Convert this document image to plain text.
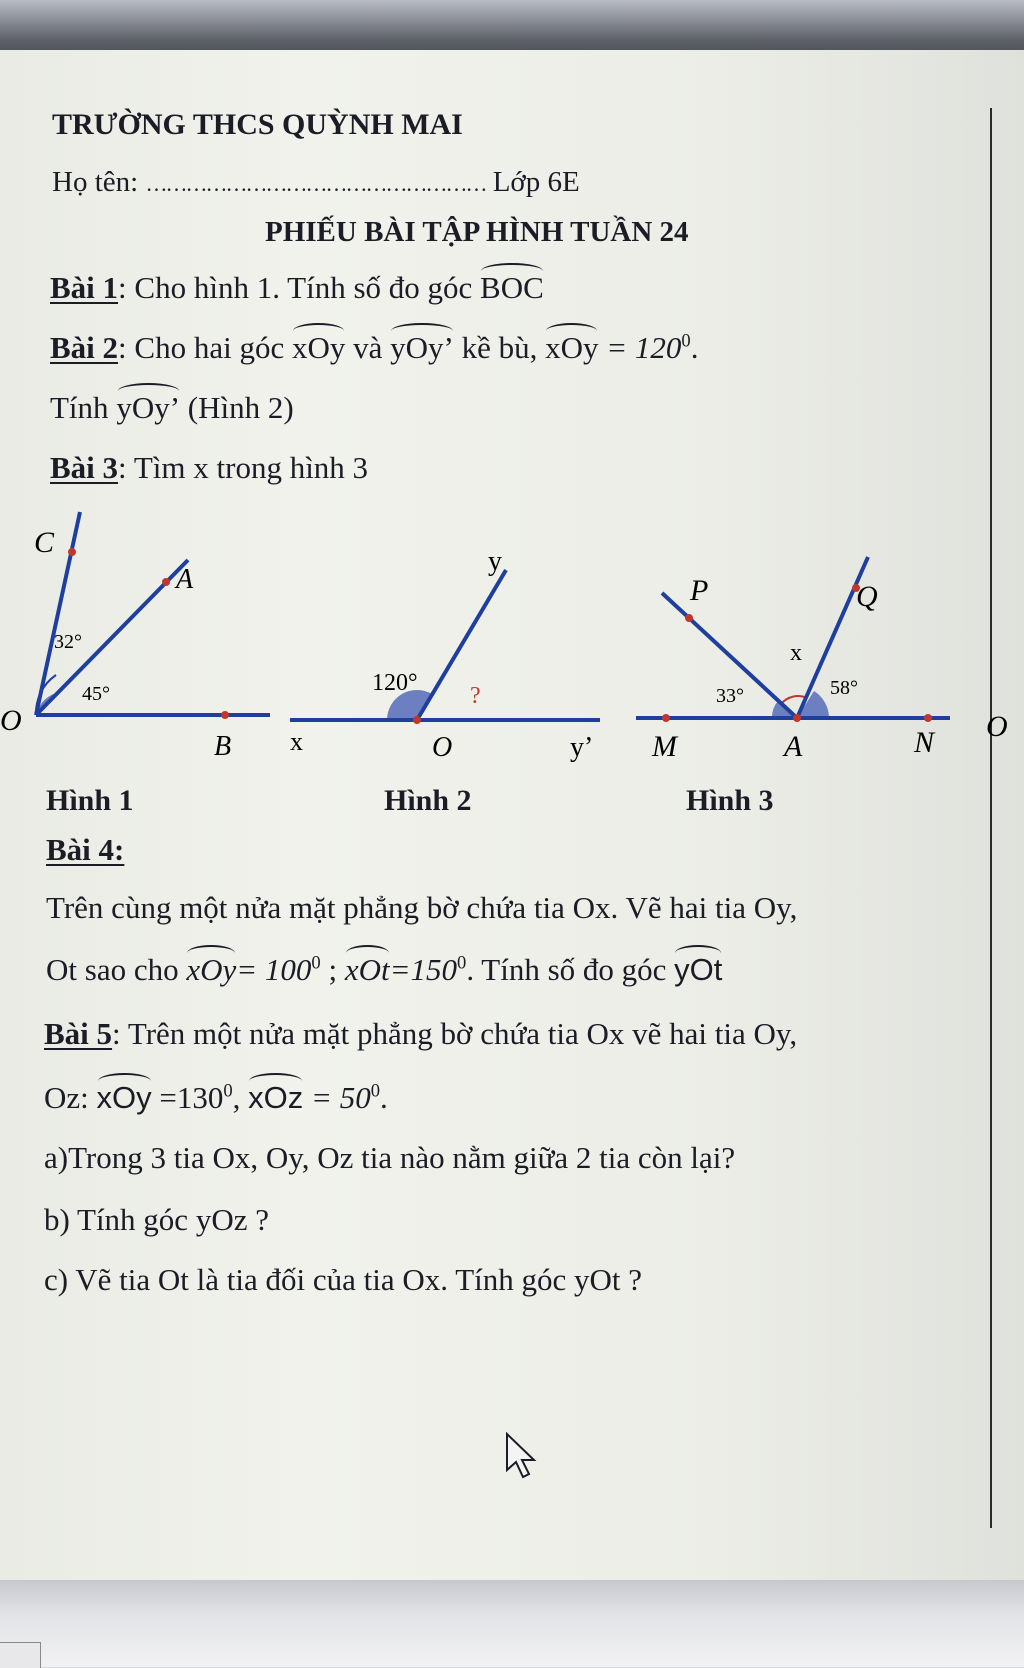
TRƯỜNG THCS QUỲNH MAI
Họ tên: …………………………………………… Lớp 6E
PHIẾU BÀI TẬP HÌNH TUẦN 24
Bài 1: Cho hình 1. Tính số đo góc BOC
Bài 2: Cho hai góc xOy và yOy’ kề bù, xOy = $120^0$.
Tính yOy’ (Hình 2)
Bài 3: Tìm x trong hình 3
C
A
O
B
32°
45°
y
x	O	y’
120° ?
P	Q
M	A	N
x
33°	58°
O
Hình 1	Hình 2	Hình 3
Bài 4:
Trên cùng một nửa mặt phẳng bờ chứa tia Ox. Vẽ hai tia Oy,
Ot sao cho $xOy= 100^0$ ; $xOt=150^0$. Tính số đo góc yOt
Bài 5: Trên một nửa mặt phẳng bờ chứa tia Ox vẽ hai tia Oy,
Oz: xOy $=130^0$, xOz = $50^0$.
a)Trong 3 tia Ox, Oy, Oz tia nào nằm giữa 2 tia còn lại?
b) Tính góc yOz ?
c) Vẽ tia Ot là tia đối của tia Ox. Tính góc yOt ?
